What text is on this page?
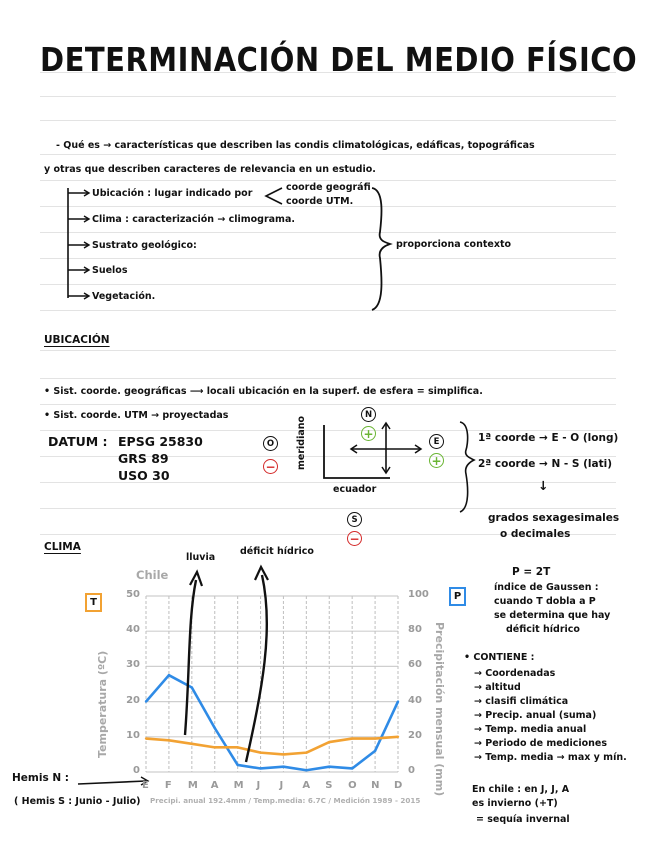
DETERMINACIÓN DEL MEDIO FÍSICO
- Qué es → características que describen las condis climatológicas, edáficas, topográficas
y otras que describen caracteres de relevancia en un estudio.
Ubicación : lugar indicado por
coorde geográfi
coorde UTM.
Clima : caracterización → climograma.
Sustrato geológico:
Suelos
Vegetación.
proporciona contexto
UBICACIÓN
• Sist. coorde. geográficas ⟶ locali ubicación en la superf. de esfera = simplifica.
• Sist. coorde. UTM → proyectadas
DATUM : EPSG 25830
GRS 89
USO 30
N
+
E
+
O
−
S
−
meridiano
ecuador
1ª coorde → E - O (long)
2ª coorde → N - S (lati)
↓
grados sexagesimales
o decimales
CLIMA
lluvia
déficit hídrico
Chile
T
P
0
10
20
30
40
50
0
20
40
60
80
100
E F M A M J J A S O N D
Temperatura (ºC)	Precipitación mensual (mm)
Precipi. anual 192.4mm / Temp.media: 6.7C / Medición 1989 - 2015
Hemis N :
( Hemis S : Junio - Julio)
P = 2T
índice de Gaussen :
cuando T dobla a P
se determina que hay
déficit hídrico
• CONTIENE :
→ Coordenadas
→ altitud
→ clasifi climática
→ Precip. anual (suma)
→ Temp. media anual
→ Periodo de mediciones
→ Temp. media → max y mín.
En chile : en J, J, A
es invierno (+T)
= sequía invernal
